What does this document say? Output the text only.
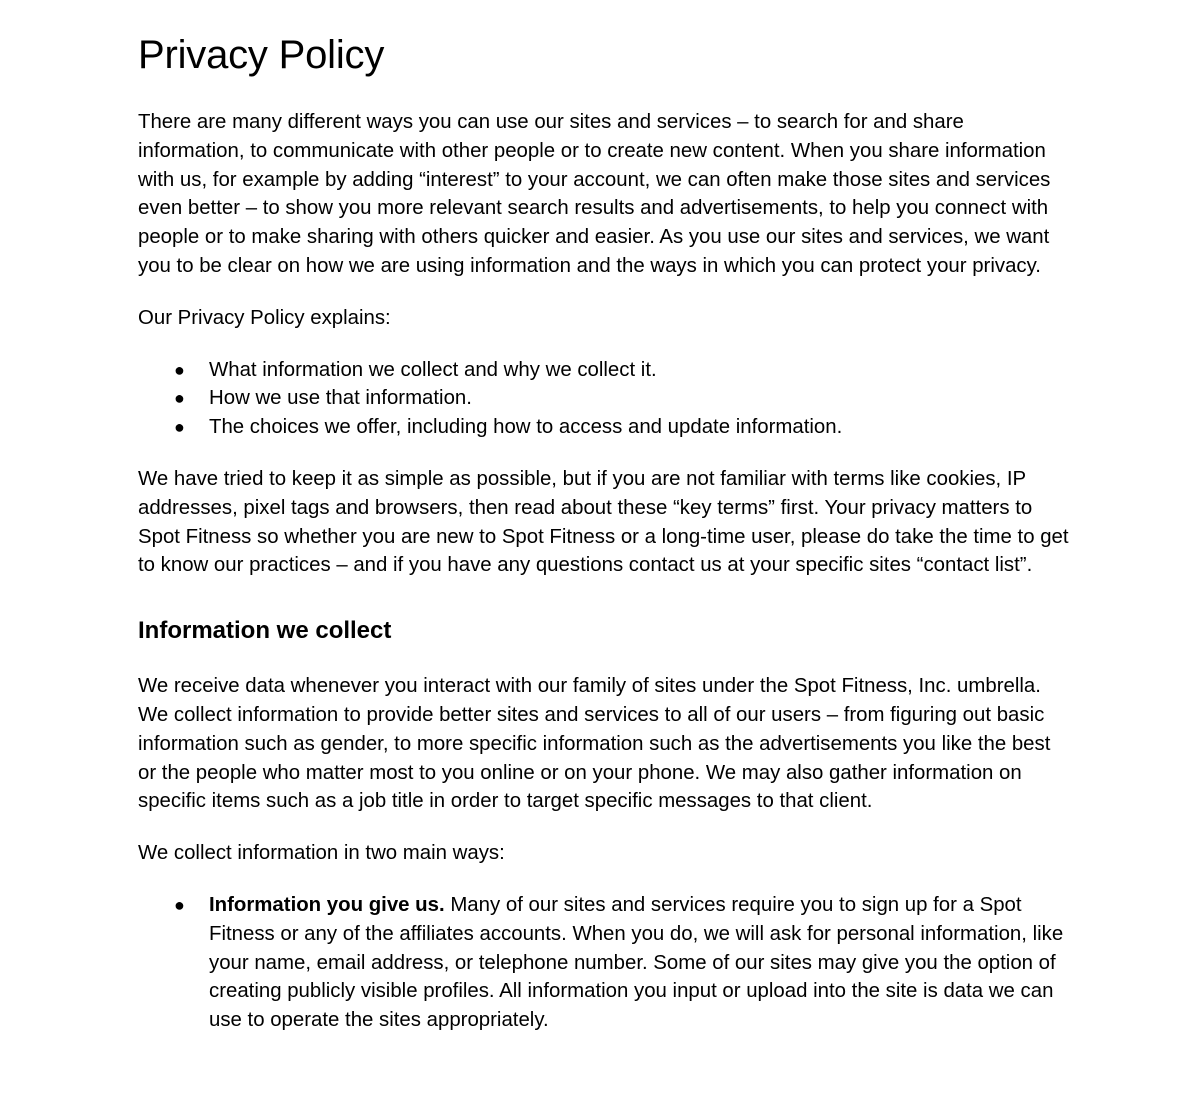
Privacy Policy

There are many different ways you can use our sites and services – to search for and share information, to communicate with other people or to create new content. When you share information with us, for example by adding “interest” to your account, we can often make those sites and services even better – to show you more relevant search results and advertisements, to help you connect with people or to make sharing with others quicker and easier. As you use our sites and services, we want you to be clear on how we are using information and the ways in which you can protect your privacy.

Our Privacy Policy explains:

● What information we collect and why we collect it.
● How we use that information.
● The choices we offer, including how to access and update information.

We have tried to keep it as simple as possible, but if you are not familiar with terms like cookies, IP addresses, pixel tags and browsers, then read about these “key terms” first. Your privacy matters to Spot Fitness so whether you are new to Spot Fitness or a long-time user, please do take the time to get to know our practices – and if you have any questions contact us at your specific sites “contact list”.

Information we collect

We receive data whenever you interact with our family of sites under the Spot Fitness, Inc. umbrella. We collect information to provide better sites and services to all of our users – from figuring out basic information such as gender, to more specific information such as the advertisements you like the best or the people who matter most to you online or on your phone. We may also gather information on specific items such as a job title in order to target specific messages to that client.

We collect information in two main ways:

● Information you give us. Many of our sites and services require you to sign up for a Spot Fitness or any of the affiliates accounts. When you do, we will ask for personal information, like your name, email address, or telephone number. Some of our sites may give you the option of creating publicly visible profiles. All information you input or upload into the site is data we can use to operate the sites appropriately.
